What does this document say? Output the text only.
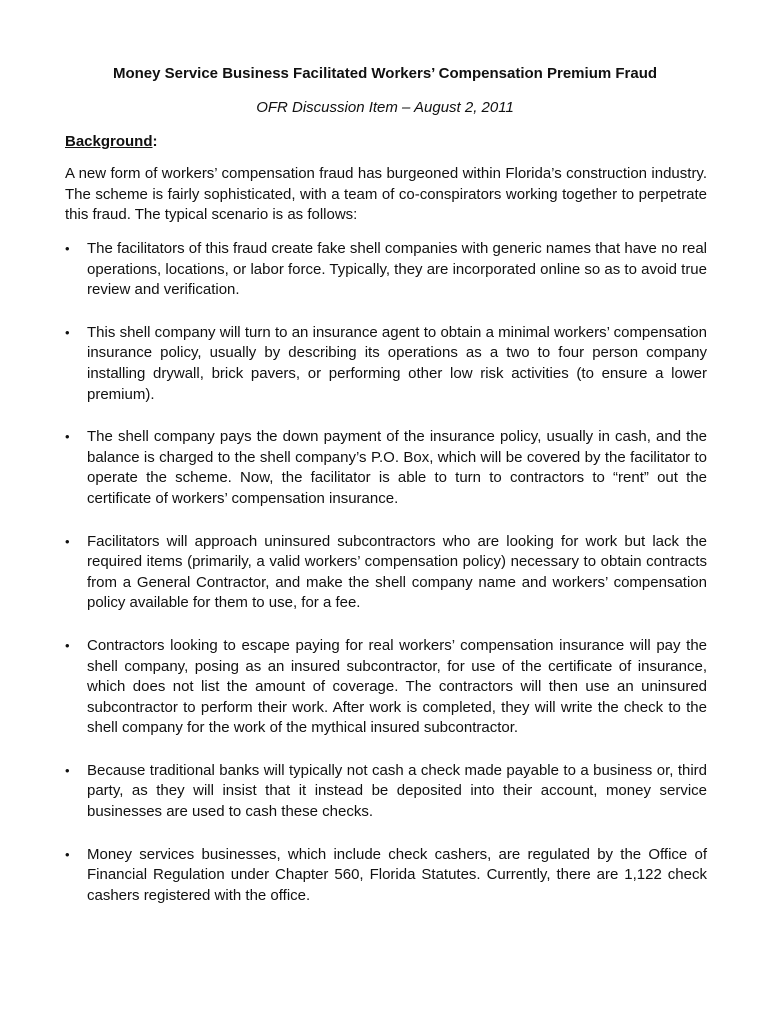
Money Service Business Facilitated Workers’ Compensation Premium Fraud

OFR Discussion Item – August 2, 2011

Background:

A new form of workers’ compensation fraud has burgeoned within Florida’s construction industry. The scheme is fairly sophisticated, with a team of co-conspirators working together to perpetrate this fraud. The typical scenario is as follows:

•	The facilitators of this fraud create fake shell companies with generic names that have no real operations, locations, or labor force. Typically, they are incorporated online so as to avoid true review and verification.
•	This shell company will turn to an insurance agent to obtain a minimal workers’ compensation insurance policy, usually by describing its operations as a two to four person company installing drywall, brick pavers, or performing other low risk activities (to ensure a lower premium).
•	The shell company pays the down payment of the insurance policy, usually in cash, and the balance is charged to the shell company’s P.O. Box, which will be covered by the facilitator to operate the scheme. Now, the facilitator is able to turn to contractors to “rent” out the certificate of workers’ compensation insurance.
•	Facilitators will approach uninsured subcontractors who are looking for work but lack the required items (primarily, a valid workers’ compensation policy) necessary to obtain contracts from a General Contractor, and make the shell company name and workers’ compensation policy available for them to use, for a fee.
•	Contractors looking to escape paying for real workers’ compensation insurance will pay the shell company, posing as an insured subcontractor, for use of the certificate of insurance, which does not list the amount of coverage. The contractors will then use an uninsured subcontractor to perform their work. After work is completed, they will write the check to the shell company for the work of the mythical insured subcontractor.
•	Because traditional banks will typically not cash a check made payable to a business or, third party, as they will insist that it instead be deposited into their account, money service businesses are used to cash these checks.
•	Money services businesses, which include check cashers, are regulated by the Office of Financial Regulation under Chapter 560, Florida Statutes. Currently, there are 1,122 check cashers registered with the office.
